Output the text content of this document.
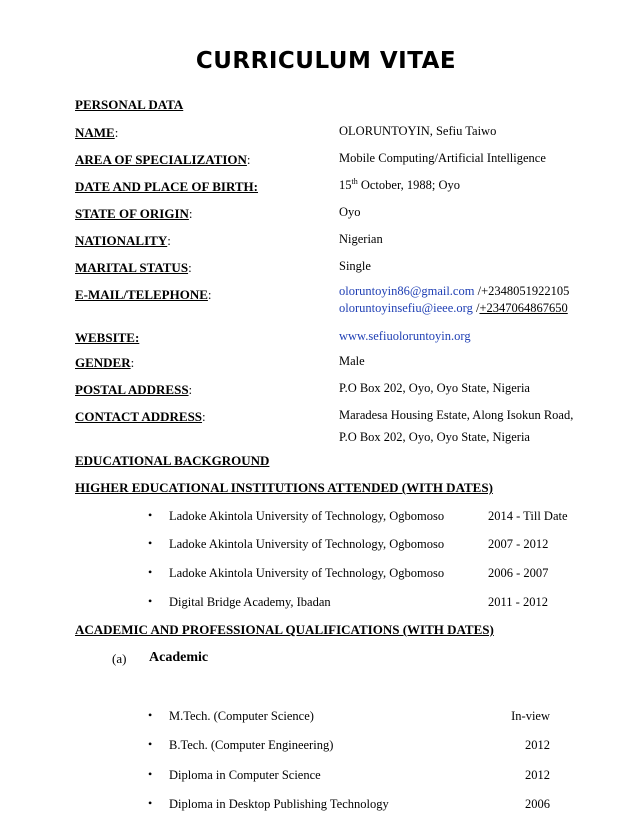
CURRICULUM VITAE
PERSONAL DATA
NAME:	OLORUNTOYIN, Sefiu Taiwo
AREA OF SPECIALIZATION:	Mobile Computing/Artificial Intelligence
DATE AND PLACE OF BIRTH:	15th October, 1988; Oyo
STATE OF ORIGIN:	Oyo
NATIONALITY:	Nigerian
MARITAL STATUS:	Single
E-MAIL/TELEPHONE:	oloruntoyin86@gmail.com /+2348051922105
oloruntoyinsefiu@ieee.org /+2347064867650
WEBSITE:	www.sefiuoloruntoyin.org
GENDER:	Male
POSTAL ADDRESS:	P.O Box 202, Oyo, Oyo State, Nigeria
CONTACT ADDRESS:	Maradesa Housing Estate, Along Isokun Road,
P.O Box 202, Oyo, Oyo State, Nigeria
EDUCATIONAL BACKGROUND
HIGHER EDUCATIONAL INSTITUTIONS ATTENDED (WITH DATES)
• Ladoke Akintola University of Technology, Ogbomoso	2014 - Till Date
• Ladoke Akintola University of Technology, Ogbomoso	2007 - 2012
• Ladoke Akintola University of Technology, Ogbomoso	2006 - 2007
• Digital Bridge Academy, Ibadan	2011 - 2012
ACADEMIC AND PROFESSIONAL QUALIFICATIONS (WITH DATES)
(a) Academic
• M.Tech. (Computer Science)	In-view
• B.Tech. (Computer Engineering)	2012
• Diploma in Computer Science	2012
• Diploma in Desktop Publishing Technology	2006
